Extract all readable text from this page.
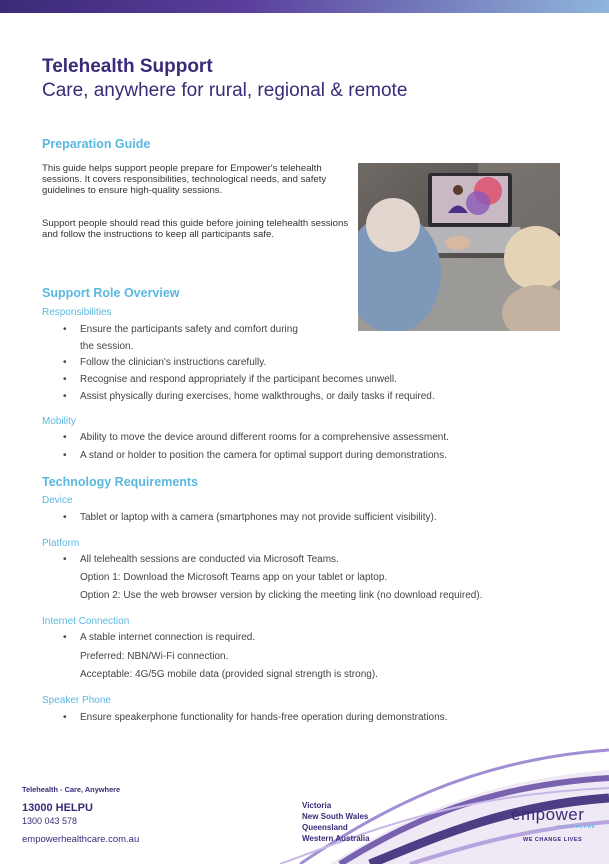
Telehealth Support
Care, anywhere for rural, regional & remote
Preparation Guide
This guide helps support people prepare for Empower's telehealth sessions. It covers responsibilities, technological needs, and safety guidelines to ensure high-quality sessions.
Support people should read this guide before joining telehealth sessions and follow the instructions to keep all participants safe.
Support Role Overview
Responsibilities
• Ensure the participants safety and comfort during
the session.
• Follow the clinician's instructions carefully.
• Recognise and respond appropriately if the participant becomes unwell.
• Assist physically during exercises, home walkthroughs, or daily tasks if required.
Mobility
• Ability to move the device around different rooms for a comprehensive assessment.
• A stand or holder to position the camera for optimal support during demonstrations.
Technology Requirements
Device
• Tablet or laptop with a camera (smartphones may not provide sufficient visibility).
Platform
• All telehealth sessions are conducted via Microsoft Teams.
Option 1: Download the Microsoft Teams app on your tablet or laptop.
Option 2: Use the web browser version by clicking the meeting link (no download required).
Internet Connection
• A stable internet connection is required.
Preferred: NBN/Wi-Fi connection.
Acceptable: 4G/5G mobile data (provided signal strength is strong).
Speaker Phone
• Ensure speakerphone functionality for hands-free operation during demonstrations.
Telehealth - Care, Anywhere
13000 HELPU
1300 043 578
empowerhealthcare.com.au
Victoria
New South Wales
Queensland
Western Australia
empower
HEALTHCARE
WE CHANGE LIVES
